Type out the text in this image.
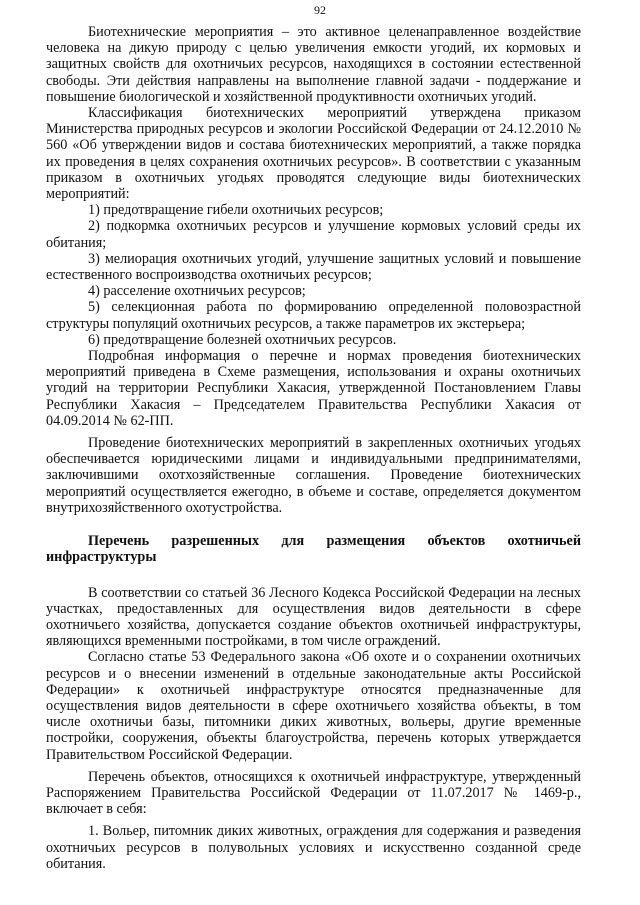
92

Биотехнические мероприятия – это активное целенаправленное воздействие человека на дикую природу с целью увеличения емкости угодий, их кормовых и защитных свойств для охотничьих ресурсов, находящихся в состоянии естественной свободы. Эти действия направлены на выполнение главной задачи - поддержание и повышение биологической и хозяйственной продуктивности охотничьих угодий.

Классификация биотехнических мероприятий утверждена приказом Министерства природных ресурсов и экологии Российской Федерации от 24.12.2010 № 560 «Об утверждении видов и состава биотехнических мероприятий, а также порядка их проведения в целях сохранения охотничьих ресурсов». В соответствии с указанным приказом в охотничьих угодьях проводятся следующие виды биотехнических мероприятий:

1) предотвращение гибели охотничьих ресурсов;

2) подкормка охотничьих ресурсов и улучшение кормовых условий среды их обитания;

3) мелиорация охотничьих угодий, улучшение защитных условий и повышение естественного воспроизводства охотничьих ресурсов;

4) расселение охотничьих ресурсов;

5) селекционная работа по формированию определенной половозрастной структуры популяций охотничьих ресурсов, а также параметров их экстерьера;

6) предотвращение болезней охотничьих ресурсов.

Подробная информация о перечне и нормах проведения биотехнических мероприятий приведена в Схеме размещения, использования и охраны охотничьих угодий на территории Республики Хакасия, утвержденной Постановлением Главы Республики Хакасия – Председателем Правительства Республики Хакасия от 04.09.2014 № 62-ПП.

Проведение биотехнических мероприятий в закрепленных охотничьих угодьях обеспечивается юридическими лицами и индивидуальными предпринимателями, заключившими охотхозяйственные соглашения. Проведение биотехнических мероприятий осуществляется ежегодно, в объеме и составе, определяется документом внутрихозяйственного охотустройства.

Перечень разрешенных для размещения объектов охотничьей инфраструктуры

В соответствии со статьей 36 Лесного Кодекса Российской Федерации на лесных участках, предоставленных для осуществления видов деятельности в сфере охотничьего хозяйства, допускается создание объектов охотничьей инфраструктуры, являющихся временными постройками, в том числе ограждений.

Согласно статье 53 Федерального закона «Об охоте и о сохранении охотничьих ресурсов и о внесении изменений в отдельные законодательные акты Российской Федерации» к охотничьей инфраструктуре относятся предназначенные для осуществления видов деятельности в сфере охотничьего хозяйства объекты, в том числе охотничьи базы, питомники диких животных, вольеры, другие временные постройки, сооружения, объекты благоустройства, перечень которых утверждается Правительством Российской Федерации.

Перечень объектов, относящихся к охотничьей инфраструктуре, утвержденный Распоряжением Правительства Российской Федерации от 11.07.2017 № 1469-р., включает в себя:

1. Вольер, питомник диких животных, ограждения для содержания и разведения охотничьих ресурсов в полувольных условиях и искусственно созданной среде обитания.
